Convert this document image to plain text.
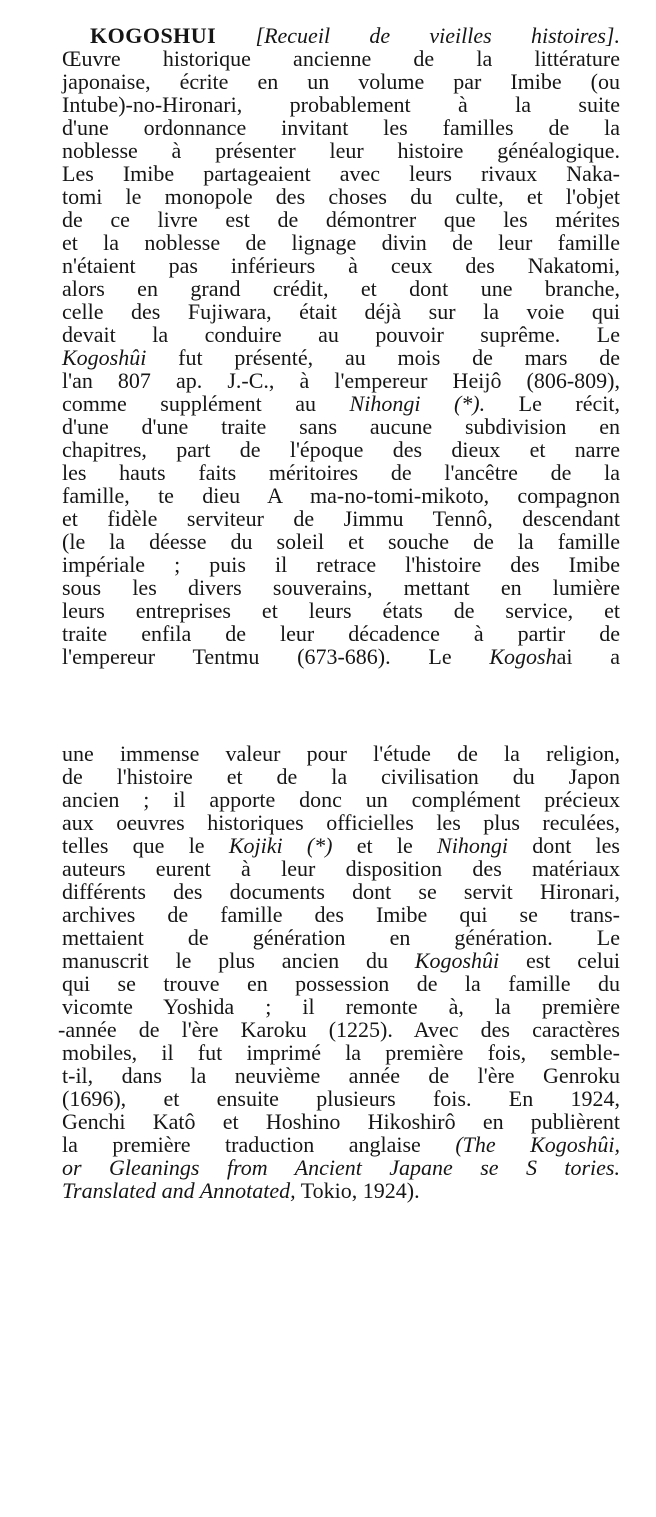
KOGOSHUI [Recueil de vieilles histoires].
Œuvre historique ancienne de la littérature
japonaise, écrite en un volume par Imibe (ou
Intube)-no-Hironari, probablement à la suite
d'une ordonnance invitant les familles de la
noblesse à présenter leur histoire généalogique.
Les Imibe partageaient avec leurs rivaux Naka-
tomi le monopole des choses du culte, et l'objet
de ce livre est de démontrer que les mérites
et la noblesse de lignage divin de leur famille
n'étaient pas inférieurs à ceux des Nakatomi,
alors en grand crédit, et dont une branche,
celle des Fujiwara, était déjà sur la voie qui
devait la conduire au pouvoir suprême. Le
Kogoshûi fut présenté, au mois de mars de
l'an 807 ap. J.-C., à l'empereur Heijô (806-809),
comme supplément au Nihongi (*). Le récit,
d'une d'une traite sans aucune subdivision en
chapitres, part de l'époque des dieux et narre
les hauts faits méritoires de l'ancêtre de la
famille, te dieu A ma-no-tomi-mikoto, compagnon
et fidèle serviteur de Jimmu Tennô, descendant
(le la déesse du soleil et souche de la famille
impériale ; puis il retrace l'histoire des Imibe
sous les divers souverains, mettant en lumière
leurs entreprises et leurs états de service, et
traite enfila de leur décadence à partir de
l'empereur Tentmu (673-686). Le Kogoshai a
une immense valeur pour l'étude de la religion,
de l'histoire et de la civilisation du Japon
ancien ; il apporte donc un complément précieux
aux oeuvres historiques officielles les plus reculées,
telles que le Kojiki (*) et le Nihongi dont les
auteurs eurent à leur disposition des matériaux
différents des documents dont se servit Hironari,
archives de famille des Imibe qui se trans-
mettaient de génération en génération. Le
manuscrit le plus ancien du Kogoshûi est celui
qui se trouve en possession de la famille du
vicomte Yoshida ; il remonte à, la première
-année de l'ère Karoku (1225). Avec des caractères
mobiles, il fut imprimé la première fois, semble-
t-il, dans la neuvième année de l'ère Genroku
(1696), et ensuite plusieurs fois. En 1924,
Genchi Katô et Hoshino Hikoshirô en publièrent
la première traduction anglaise (The Kogoshûi,
or Gleanings from Ancient Japane se S tories.
Translated and Annotated, Tokio, 1924).
